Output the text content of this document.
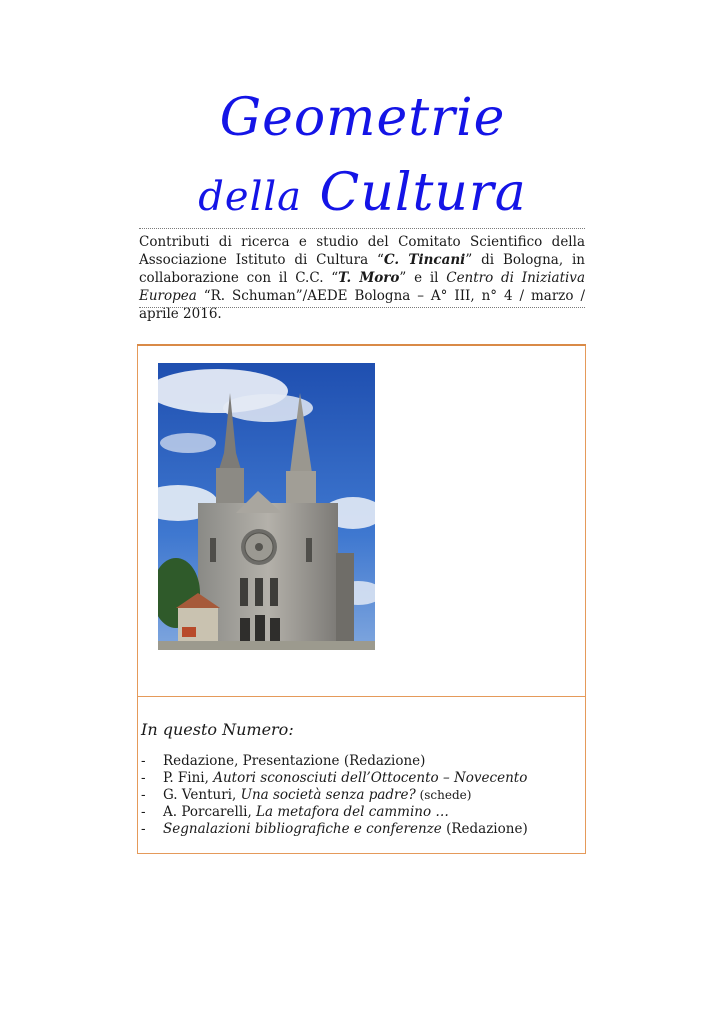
Geometrie
della Cultura

Contributi di ricerca e studio del Comitato Scientifico della Associazione Istituto di Cultura “C. Tincani” di Bologna, in collaborazione con il C.C. “T. Moro” e il Centro di Iniziativa Europea “R. Schuman”/AEDE Bologna – A° III, n° 4 / marzo / aprile 2016.

In questo Numero:
- Redazione, Presentazione (Redazione)
- P. Fini, Autori sconosciuti dell’Ottocento – Novecento
- G. Venturi, Una società senza padre? (schede)
- A. Porcarelli, La metafora del cammino …
- Segnalazioni bibliografiche e conferenze (Redazione)
